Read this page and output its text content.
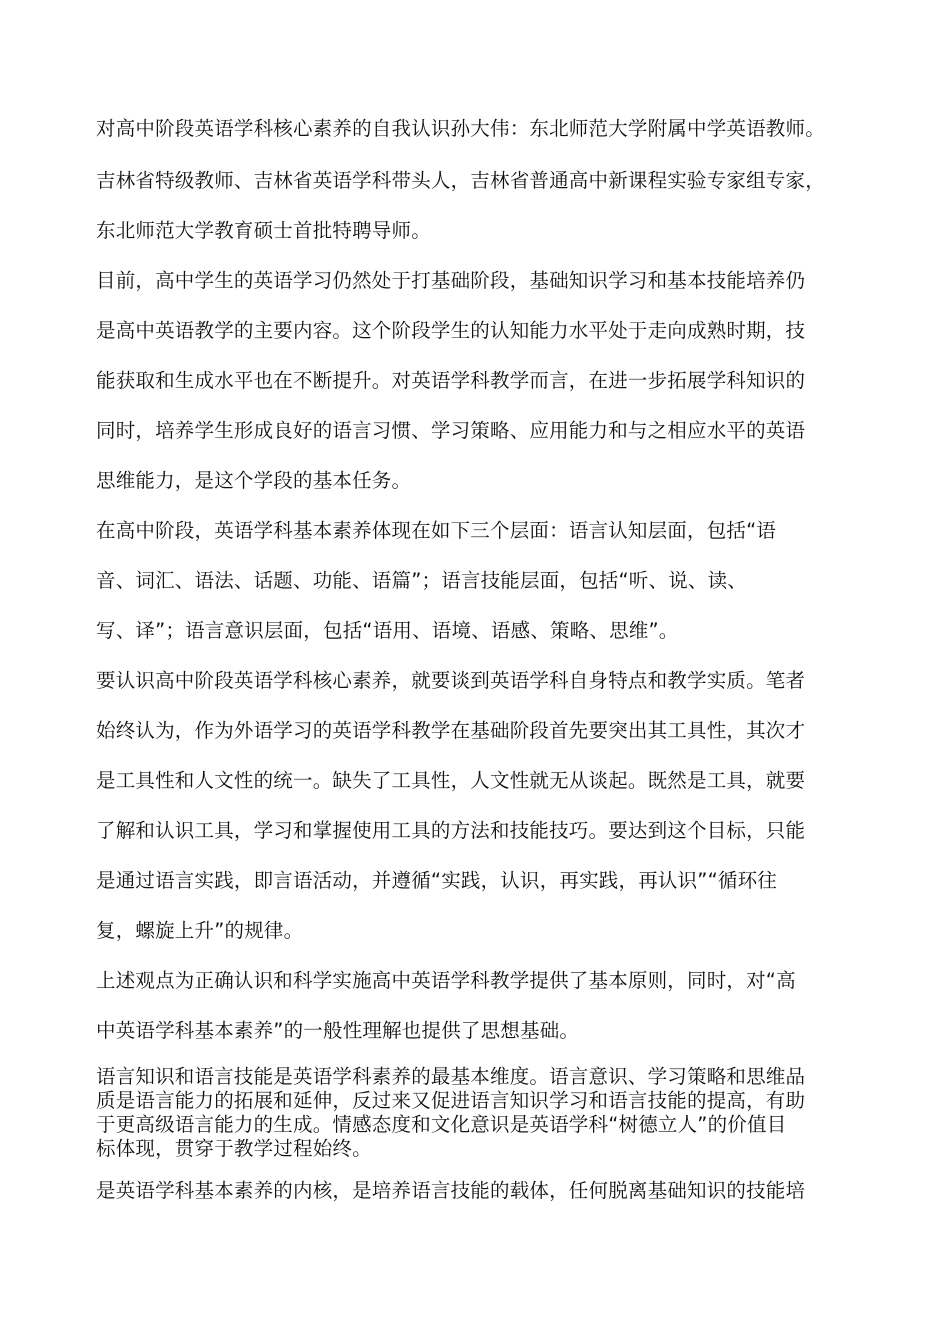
对高中阶段英语学科核心素养的自我认识孙大伟：东北师范大学附属中学英语教师。
吉林省特级教师、吉林省英语学科带头人，吉林省普通高中新课程实验专家组专家，
东北师范大学教育硕士首批特聘导师。
目前，高中学生的英语学习仍然处于打基础阶段，基础知识学习和基本技能培养仍
是高中英语教学的主要内容。这个阶段学生的认知能力水平处于走向成熟时期，技
能获取和生成水平也在不断提升。对英语学科教学而言，在进一步拓展学科知识的
同时，培养学生形成良好的语言习惯、学习策略、应用能力和与之相应水平的英语
思维能力，是这个学段的基本任务。
在高中阶段，英语学科基本素养体现在如下三个层面：语言认知层面，包括“语
音、词汇、语法、话题、功能、语篇”；语言技能层面，包括“听、说、读、
写、译”；语言意识层面，包括“语用、语境、语感、策略、思维”。
要认识高中阶段英语学科核心素养，就要谈到英语学科自身特点和教学实质。笔者
始终认为，作为外语学习的英语学科教学在基础阶段首先要突出其工具性，其次才
是工具性和人文性的统一。缺失了工具性，人文性就无从谈起。既然是工具，就要
了解和认识工具，学习和掌握使用工具的方法和技能技巧。要达到这个目标，只能
是通过语言实践，即言语活动，并遵循“实践，认识，再实践，再认识”“循环往
复，螺旋上升”的规律。
上述观点为正确认识和科学实施高中英语学科教学提供了基本原则，同时，对“高
中英语学科基本素养”的一般性理解也提供了思想基础。
语言知识和语言技能是英语学科素养的最基本维度。语言意识、学习策略和思维品
质是语言能力的拓展和延伸，反过来又促进语言知识学习和语言技能的提高，有助
于更高级语言能力的生成。情感态度和文化意识是英语学科“树德立人”的价值目
标体现，贯穿于教学过程始终。
是英语学科基本素养的内核，是培养语言技能的载体，任何脱离基础知识的技能培
